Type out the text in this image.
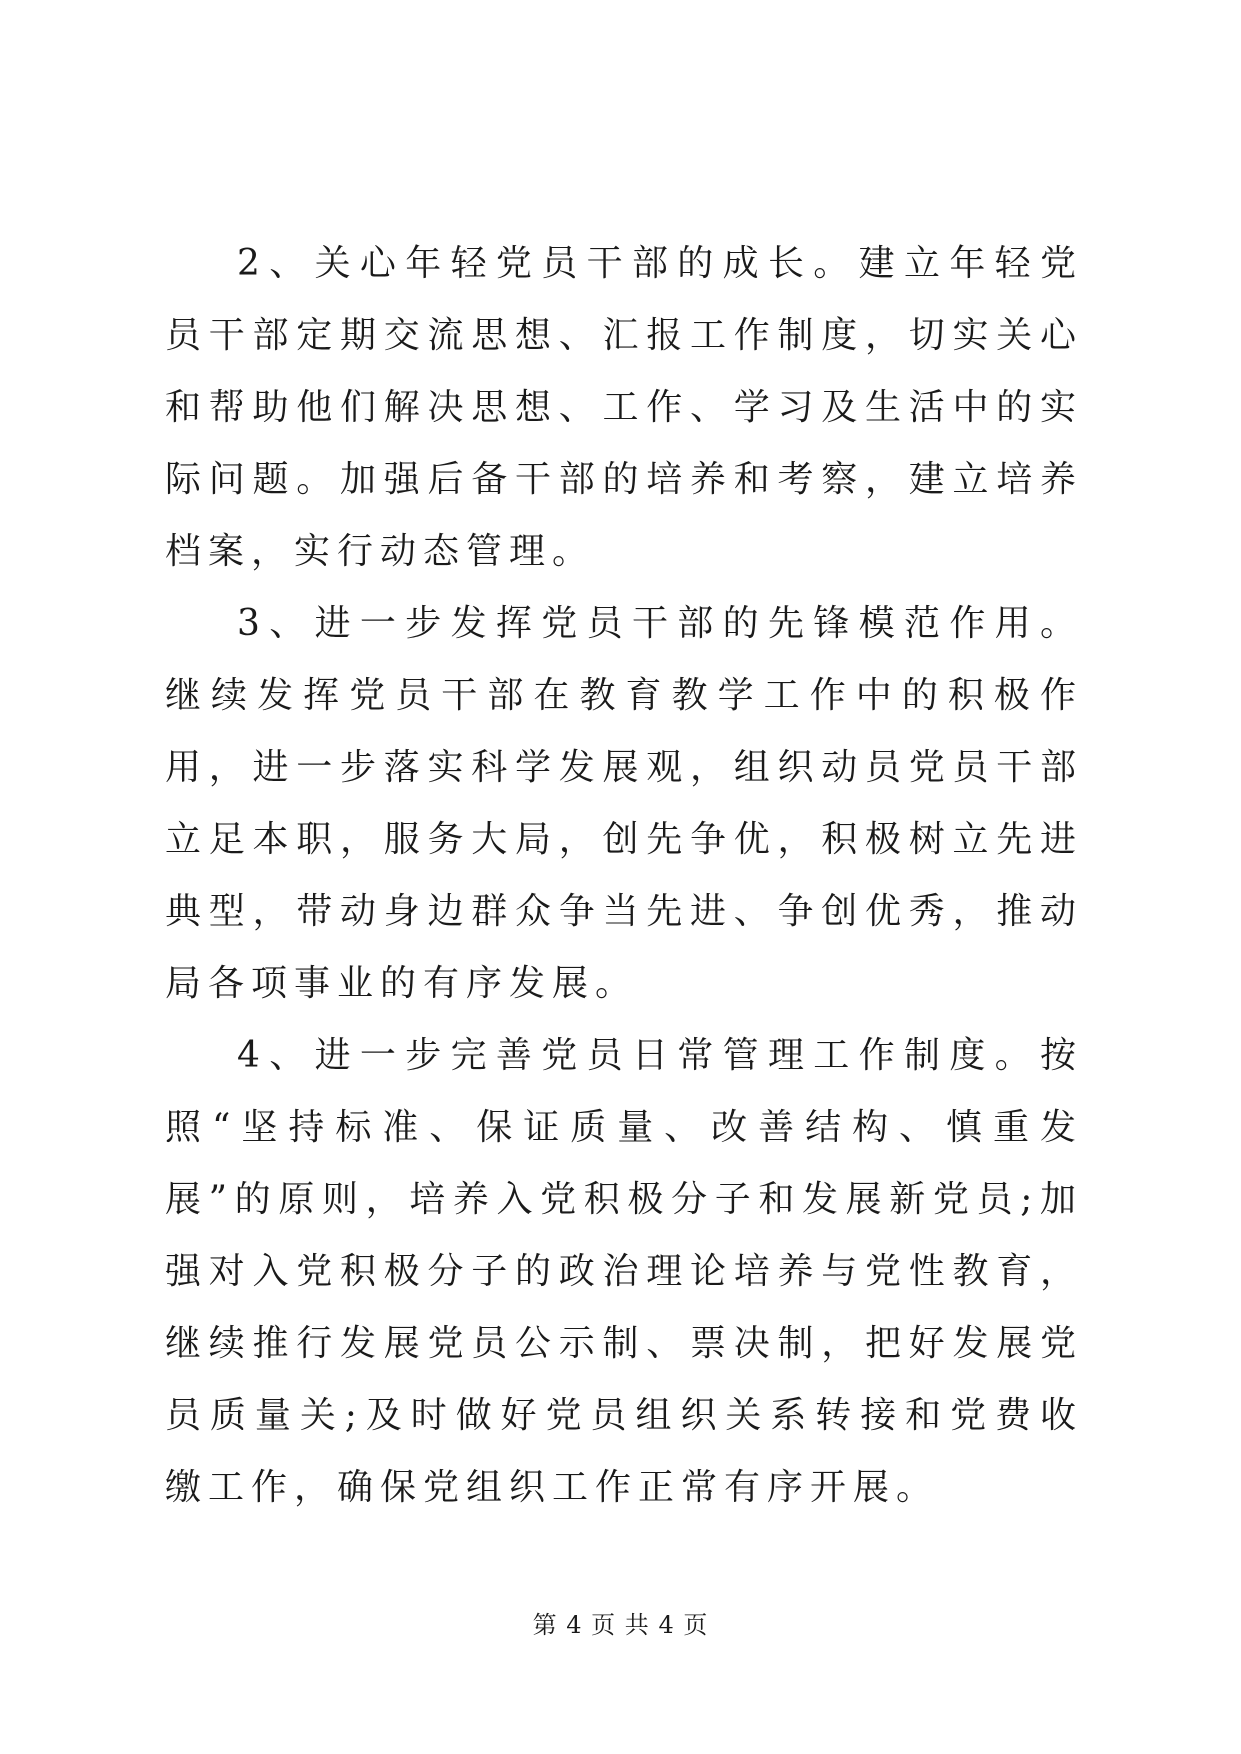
2、关心年轻党员干部的成长。建立年轻党员干部定期交流思想、汇报工作制度，切实关心和帮助他们解决思想、工作、学习及生活中的实际问题。加强后备干部的培养和考察，建立培养档案，实行动态管理。

3、进一步发挥党员干部的先锋模范作用。继续发挥党员干部在教育教学工作中的积极作用，进一步落实科学发展观，组织动员党员干部立足本职，服务大局，创先争优，积极树立先进典型，带动身边群众争当先进、争创优秀，推动局各项事业的有序发展。

4、进一步完善党员日常管理工作制度。按照“坚持标准、保证质量、改善结构、慎重发展”的原则，培养入党积极分子和发展新党员;加强对入党积极分子的政治理论培养与党性教育，继续推行发展党员公示制、票决制，把好发展党员质量关;及时做好党员组织关系转接和党费收缴工作，确保党组织工作正常有序开展。

第 4 页 共 4 页
